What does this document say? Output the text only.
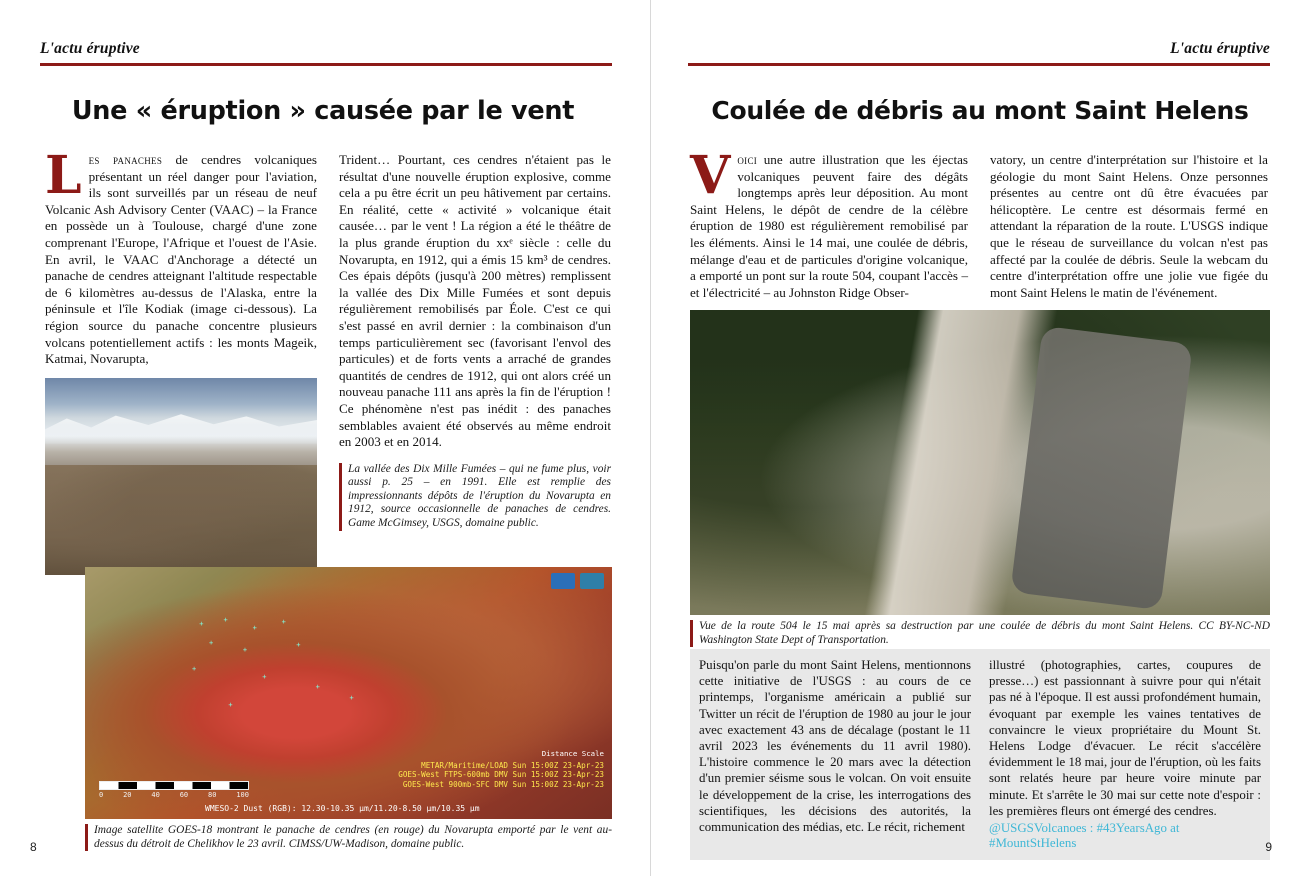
L'actu éruptive
Une « éruption » causée par le vent

Les panaches de cendres volcaniques présentant un réel danger pour l'aviation, ils sont surveillés par un réseau de neuf Volcanic Ash Advisory Center (VAAC) – la France en possède un à Toulouse, chargé d'une zone comprenant l'Europe, l'Afrique et l'ouest de l'Asie. En avril, le VAAC d'Anchorage a détecté un panache de cendres atteignant l'altitude respectable de 6 kilomètres au-dessus de l'Alaska, entre la péninsule et l'île Kodiak (image ci-dessous). La région source du panache concentre plusieurs volcans potentiellement actifs : les monts Mageik, Katmai, Novarupta,

Trident… Pourtant, ces cendres n'étaient pas le résultat d'une nouvelle éruption explosive, comme cela a pu être écrit un peu hâtivement par certains. En réalité, cette « activité » volcanique était causée… par le vent ! La région a été le théâtre de la plus grande éruption du xxᵉ siècle : celle du Novarupta, en 1912, qui a émis 15 km³ de cendres. Ces épais dépôts (jusqu'à 200 mètres) remplissent la vallée des Dix Mille Fumées et sont depuis régulièrement remobilisés par Éole. C'est ce qui s'est passé en avril dernier : la combinaison d'un temps particulièrement sec (favorisant l'envol des particules) et de forts vents a arraché de grandes quantités de cendres de 1912, qui ont alors créé un nouveau panache 111 ans après la fin de l'éruption ! Ce phénomène n'est pas inédit : des panaches semblables avaient été observés au même endroit en 2003 et en 2014.

La vallée des Dix Mille Fumées – qui ne fume plus, voir aussi p. 25 – en 1991. Elle est remplie des impressionnants dépôts de l'éruption du Novarupta en 1912, source occasionnelle de panaches de cendres. Game McGimsey, USGS, domaine public.

+	+
+
+
+
+
+
+
+
+
+
+
WMESO-2 Dust (RGB): 12.30-10.35 µm/11.20-8.50 µm/10.35 µm
0	20	40	60	80	100
Distance Scale
METAR/Maritime/LOAD Sun 15:00Z 23-Apr-23
GOES-West FTPS-600mb DMV Sun 15:00Z 23-Apr-23
GOES-West 900mb-SFC DMV Sun 15:00Z 23-Apr-23

Image satellite GOES-18 montrant le panache de cendres (en rouge) du Novarupta emporté par le vent au-dessus du détroit de Chelikhov le 23 avril. CIMSS/UW-Madison, domaine public.

8
L'actu éruptive
Coulée de débris au mont Saint Helens

Voici une autre illustration que les éjectas volcaniques peuvent faire des dégâts longtemps après leur déposition. Au mont Saint Helens, le dépôt de cendre de la célèbre éruption de 1980 est régulièrement remobilisé par les éléments. Ainsi le 14 mai, une coulée de débris, mélange d'eau et de particules d'origine volcanique, a emporté un pont sur la route 504, coupant l'accès – et l'électricité – au Johnston Ridge Obser-

vatory, un centre d'interprétation sur l'histoire et la géologie du mont Saint Helens. Onze personnes présentes au centre ont dû être évacuées par hélicoptère. Le centre est désormais fermé en attendant la réparation de la route. L'USGS indique que le réseau de surveillance du volcan n'est pas affecté par la coulée de débris. Seule la webcam du centre d'interprétation offre une jolie vue figée du mont Saint Helens le matin de l'événement.

Vue de la route 504 le 15 mai après sa destruction par une coulée de débris du mont Saint Helens. CC BY-NC-ND Washington State Dept of Transportation.

Puisqu'on parle du mont Saint Helens, mentionnons cette initiative de l'USGS : au cours de ce printemps, l'organisme américain a publié sur Twitter un récit de l'éruption de 1980 au jour le jour avec exactement 43 ans de décalage (postant le 11 avril 2023 les événements du 11 avril 1980). L'histoire commence le 20 mars avec la détection d'un premier séisme sous le volcan. On voit ensuite le développement de la crise, les interrogations des scientifiques, les décisions des autorités, la communication des médias, etc. Le récit, richement

illustré (photographies, cartes, coupures de presse…) est passionnant à suivre pour qui n'était pas né à l'époque. Il est aussi profondément humain, évoquant par exemple les vaines tentatives de convaincre le vieux propriétaire du Mount St. Helens Lodge d'évacuer. Le récit s'accélère évidemment le 18 mai, jour de l'éruption, où les faits sont relatés heure par heure voire minute par minute. Et s'arrête le 30 mai sur cette note d'espoir : les premières fleurs ont émergé des cendres.

@USGSVolcanoes : #43YearsAgo at #MountStHelens	9
